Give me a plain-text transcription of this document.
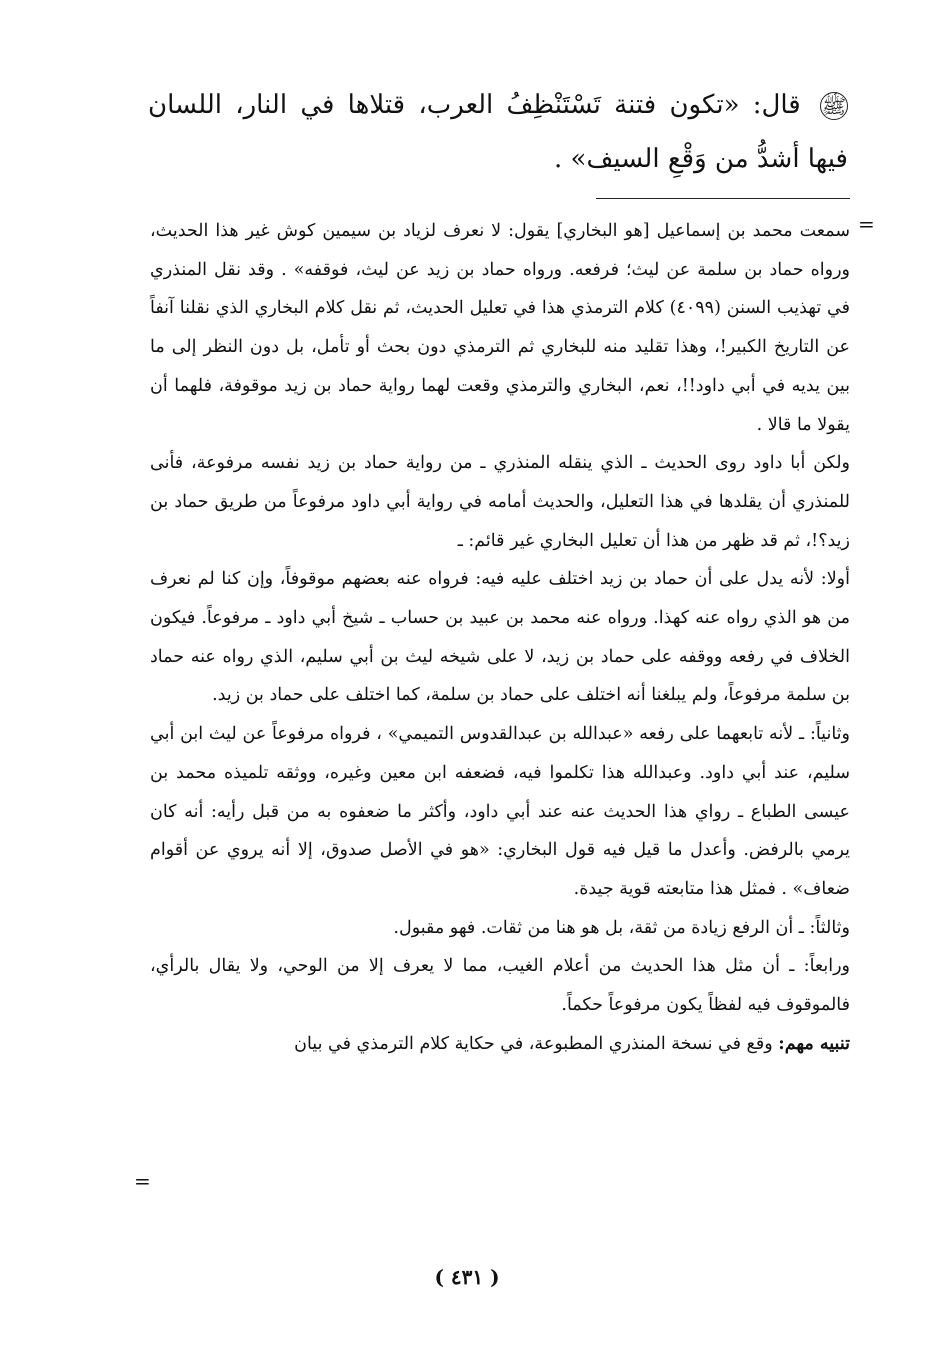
ﷺ قال: «تكون فتنة تَسْتَنْظِفُ العرب، قتلاها في النار، اللسان فيها أشدُّ من وَقْعِ السيف» .

=

سمعت محمد بن إسماعيل [هو البخاري] يقول: لا نعرف لزياد بن سيمين كوش غير هذا الحديث، ورواه حماد بن سلمة عن ليث؛ فرفعه. ورواه حماد بن زيد عن ليث، فوقفه» . وقد نقل المنذري في تهذيب السنن (٤٠٩٩) كلام الترمذي هذا في تعليل الحديث، ثم نقل كلام البخاري الذي نقلنا آنفاً عن التاريخ الكبير!، وهذا تقليد منه للبخاري ثم الترمذي دون بحث أو تأمل، بل دون النظر إلى ما بين يديه في أبي داود!!، نعم، البخاري والترمذي وقعت لهما رواية حماد بن زيد موقوفة، فلهما أن يقولا ما قالا .

ولكن أبا داود روى الحديث ـ الذي ينقله المنذري ـ من رواية حماد بن زيد نفسه مرفوعة، فأنى للمنذري أن يقلدها في هذا التعليل، والحديث أمامه في رواية أبي داود مرفوعاً من طريق حماد بن زيد؟!، ثم قد ظهر من هذا أن تعليل البخاري غير قائم: ـ

أولا: لأنه يدل على أن حماد بن زيد اختلف عليه فيه: فرواه عنه بعضهم موقوفاً، وإن كنا لم نعرف من هو الذي رواه عنه كهذا. ورواه عنه محمد بن عبيد بن حساب ـ شيخ أبي داود ـ مرفوعاً. فيكون الخلاف في رفعه ووقفه على حماد بن زيد، لا على شيخه ليث بن أبي سليم، الذي رواه عنه حماد بن سلمة مرفوعاً، ولم يبلغنا أنه اختلف على حماد بن سلمة، كما اختلف على حماد بن زيد.

وثانياً: ـ لأنه تابعهما على رفعه «عبدالله بن عبدالقدوس التميمي» ، فرواه مرفوعاً عن ليث ابن أبي سليم، عند أبي داود. وعبدالله هذا تكلموا فيه، فضعفه ابن معين وغيره، ووثقه تلميذه محمد بن عيسى الطباع ـ رواي هذا الحديث عنه عند أبي داود، وأكثر ما ضعفوه به من قبل رأيه: أنه كان يرمي بالرفض. وأعدل ما قيل فيه قول البخاري: «هو في الأصل صدوق، إلا أنه يروي عن أقوام ضعاف» . فمثل هذا متابعته قوية جيدة.

وثالثاً: ـ أن الرفع زيادة من ثقة، بل هو هنا من ثقات. فهو مقبول.

ورابعاً: ـ أن مثل هذا الحديث من أعلام الغيب، مما لا يعرف إلا من الوحي، ولا يقال بالرأي، فالموقوف فيه لفظاً يكون مرفوعاً حكماً.

تنبيه مهم: وقع في نسخة المنذري المطبوعة، في حكاية كلام الترمذي في بيان

=
( ٤٣١ )
